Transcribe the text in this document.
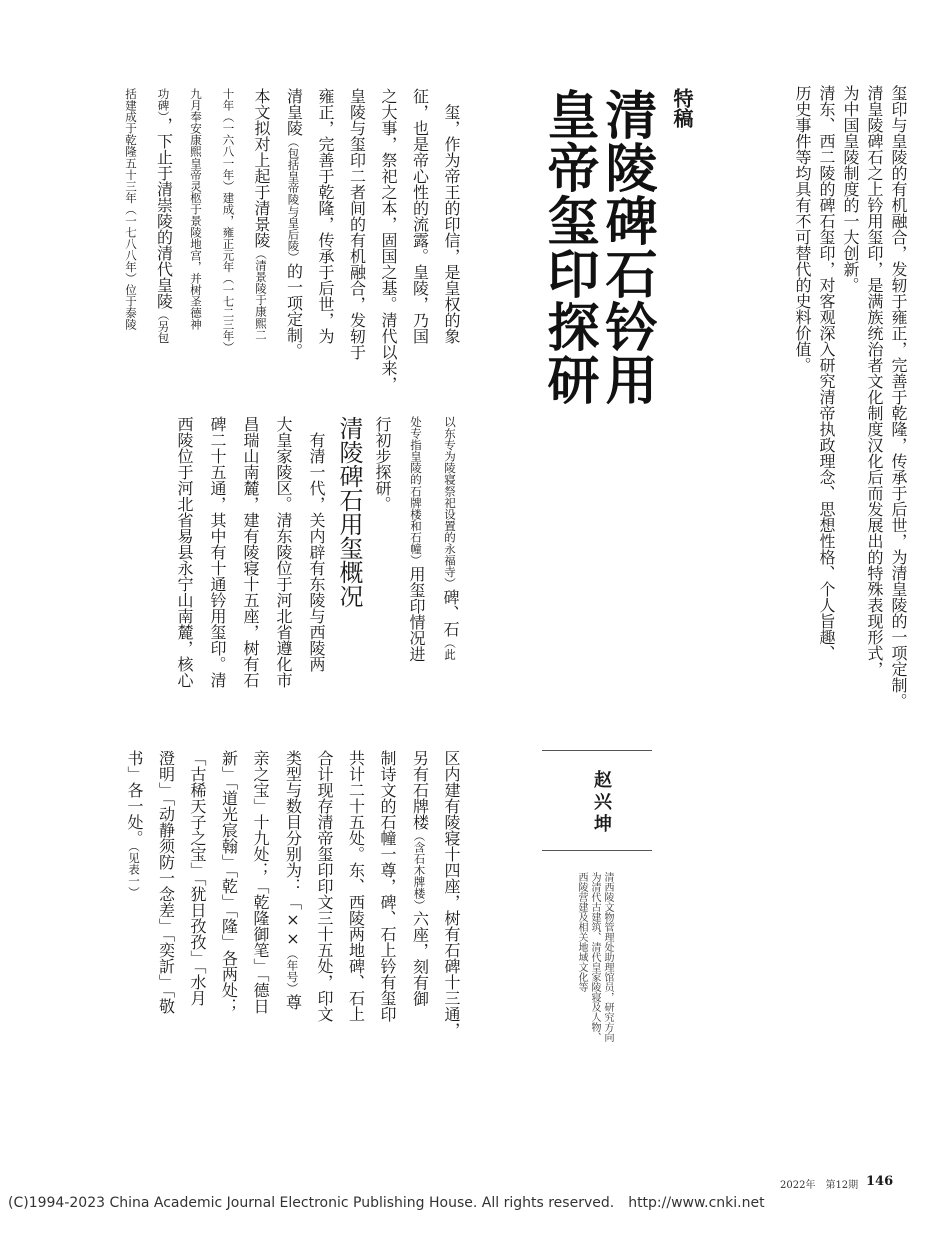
玺印与皇陵的有机融合，发轫于雍正，完善于乾隆，传承于后世，为清皇陵的一项定制。
清皇陵碑石之上钤用玺印，是满族统治者文化制度汉化后而发展出的特殊表现形式，
为中国皇陵制度的一大创新。
清东、西二陵的碑石玺印，对客观深入研究清帝执政理念、思想性格、个人旨趣、
历史事件等均具有不可替代的史料价值。
特稿
清陵碑石钤用
皇帝玺印探研
赵兴坤
清西陵文物管理处助理馆员，研究方向
为清代古建筑、清代皇家陵寝及人物、
西陵营建及相关地域文化等
　玺，作为帝王的印信，是皇权的象
征，也是帝心性的流露。皇陵，乃国
之大事，祭祀之本，固国之基。清代以来，
皇陵与玺印二者间的有机融合，发轫于
雍正，完善于乾隆，传承于后世，为
清皇陵（包括皇帝陵与皇后陵）的一项定制。
本文拟对上起于清景陵（清景陵于康熙二
十年（一六八一年）建成，雍正元年（一七二三年）
九月奉安康熙皇帝灵柩于景陵地宫，并树圣德神
功碑），下止于清崇陵的清代皇陵（另包
括建成于乾隆五十三年（一七八八年）位于泰陵
以东专为陵寝祭祀设置的永福寺）碑、石（此
处专指皇陵的石牌楼和石幢）用玺印情况进
行初步探研。
清陵碑石用玺概况
　有清一代，关内辟有东陵与西陵两
大皇家陵区。清东陵位于河北省遵化市
昌瑞山南麓，建有陵寝十五座，树有石
碑二十五通，其中有十通钤用玺印。清
西陵位于河北省易县永宁山南麓，核心
区内建有陵寝十四座，树有石碑十三通，
另有石牌楼（含石木牌楼）六座，刻有御
制诗文的石幢一尊，碑、石上钤有玺印
共计二十五处。东、西陵两地碑、石上
合计现存清帝玺印印文三十五处，印文
类型与数目分别为：「××（年号）尊
亲之宝」十九处；「乾隆御笔」「德日
新」「道光宸翰」「乾」「隆」各两处；
「古稀天子之宝」「犹日孜孜」「水月
澄明」「动静须防一念差」「奕訢」「敬
书」各一处。（见表一）
2022年　第12期 146
(C)1994-2023 China Academic Journal Electronic Publishing House. All rights reserved.　http://www.cnki.net
